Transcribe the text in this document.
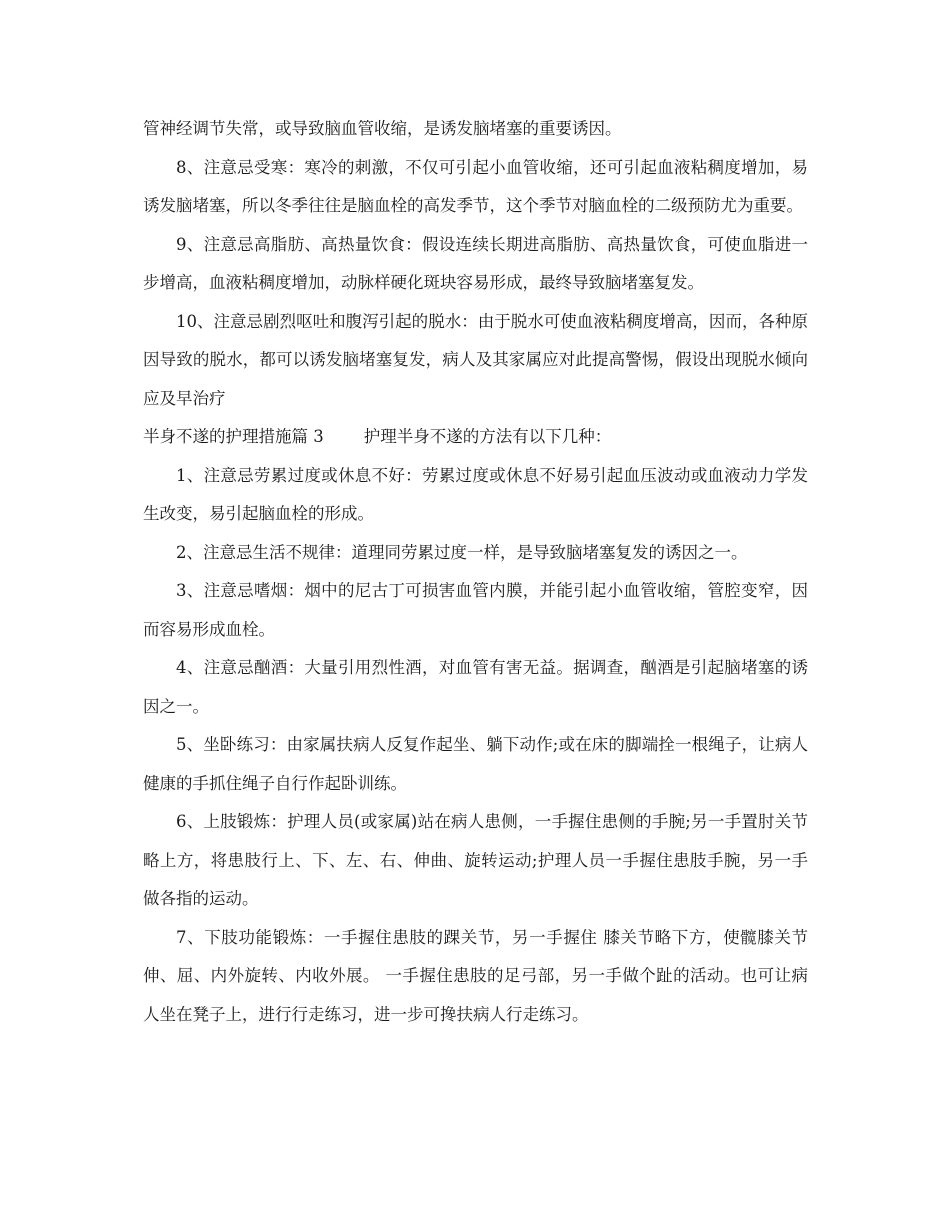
管神经调节失常，或导致脑血管收缩，是诱发脑堵塞的重要诱因。

8、注意忌受寒：寒冷的刺激，不仅可引起小血管收缩，还可引起血液粘稠度增加，易诱发脑堵塞，所以冬季往往是脑血栓的高发季节，这个季节对脑血栓的二级预防尤为重要。

9、注意忌高脂肪、高热量饮食：假设连续长期进高脂肪、高热量饮食，可使血脂进一步增高，血液粘稠度增加，动脉样硬化斑块容易形成，最终导致脑堵塞复发。

10、注意忌剧烈呕吐和腹泻引起的脱水：由于脱水可使血液粘稠度增高，因而，各种原因导致的脱水，都可以诱发脑堵塞复发，病人及其家属应对此提高警惕，假设出现脱水倾向应及早治疗

半身不遂的护理措施篇 3 护理半身不遂的方法有以下几种：

1、注意忌劳累过度或休息不好：劳累过度或休息不好易引起血压波动或血液动力学发生改变，易引起脑血栓的形成。

2、注意忌生活不规律：道理同劳累过度一样，是导致脑堵塞复发的诱因之一。

3、注意忌嗜烟：烟中的尼古丁可损害血管内膜，并能引起小血管收缩，管腔变窄，因而容易形成血栓。

4、注意忌酗酒：大量引用烈性酒，对血管有害无益。据调查，酗酒是引起脑堵塞的诱因之一。

5、坐卧练习：由家属扶病人反复作起坐、躺下动作;或在床的脚端拴一根绳子，让病人健康的手抓住绳子自行作起卧训练。

6、上肢锻炼：护理人员(或家属)站在病人患侧，一手握住患侧的手腕;另一手置肘关节略上方，将患肢行上、下、左、右、伸曲、旋转运动;护理人员一手握住患肢手腕，另一手做各指的运动。

7、下肢功能锻炼：一手握住患肢的踝关节，另一手握住 膝关节略下方，使髋膝关节伸、屈、内外旋转、内收外展。 一手握住患肢的足弓部，另一手做个趾的活动。也可让病人坐在凳子上，进行行走练习，进一步可搀扶病人行走练习。
